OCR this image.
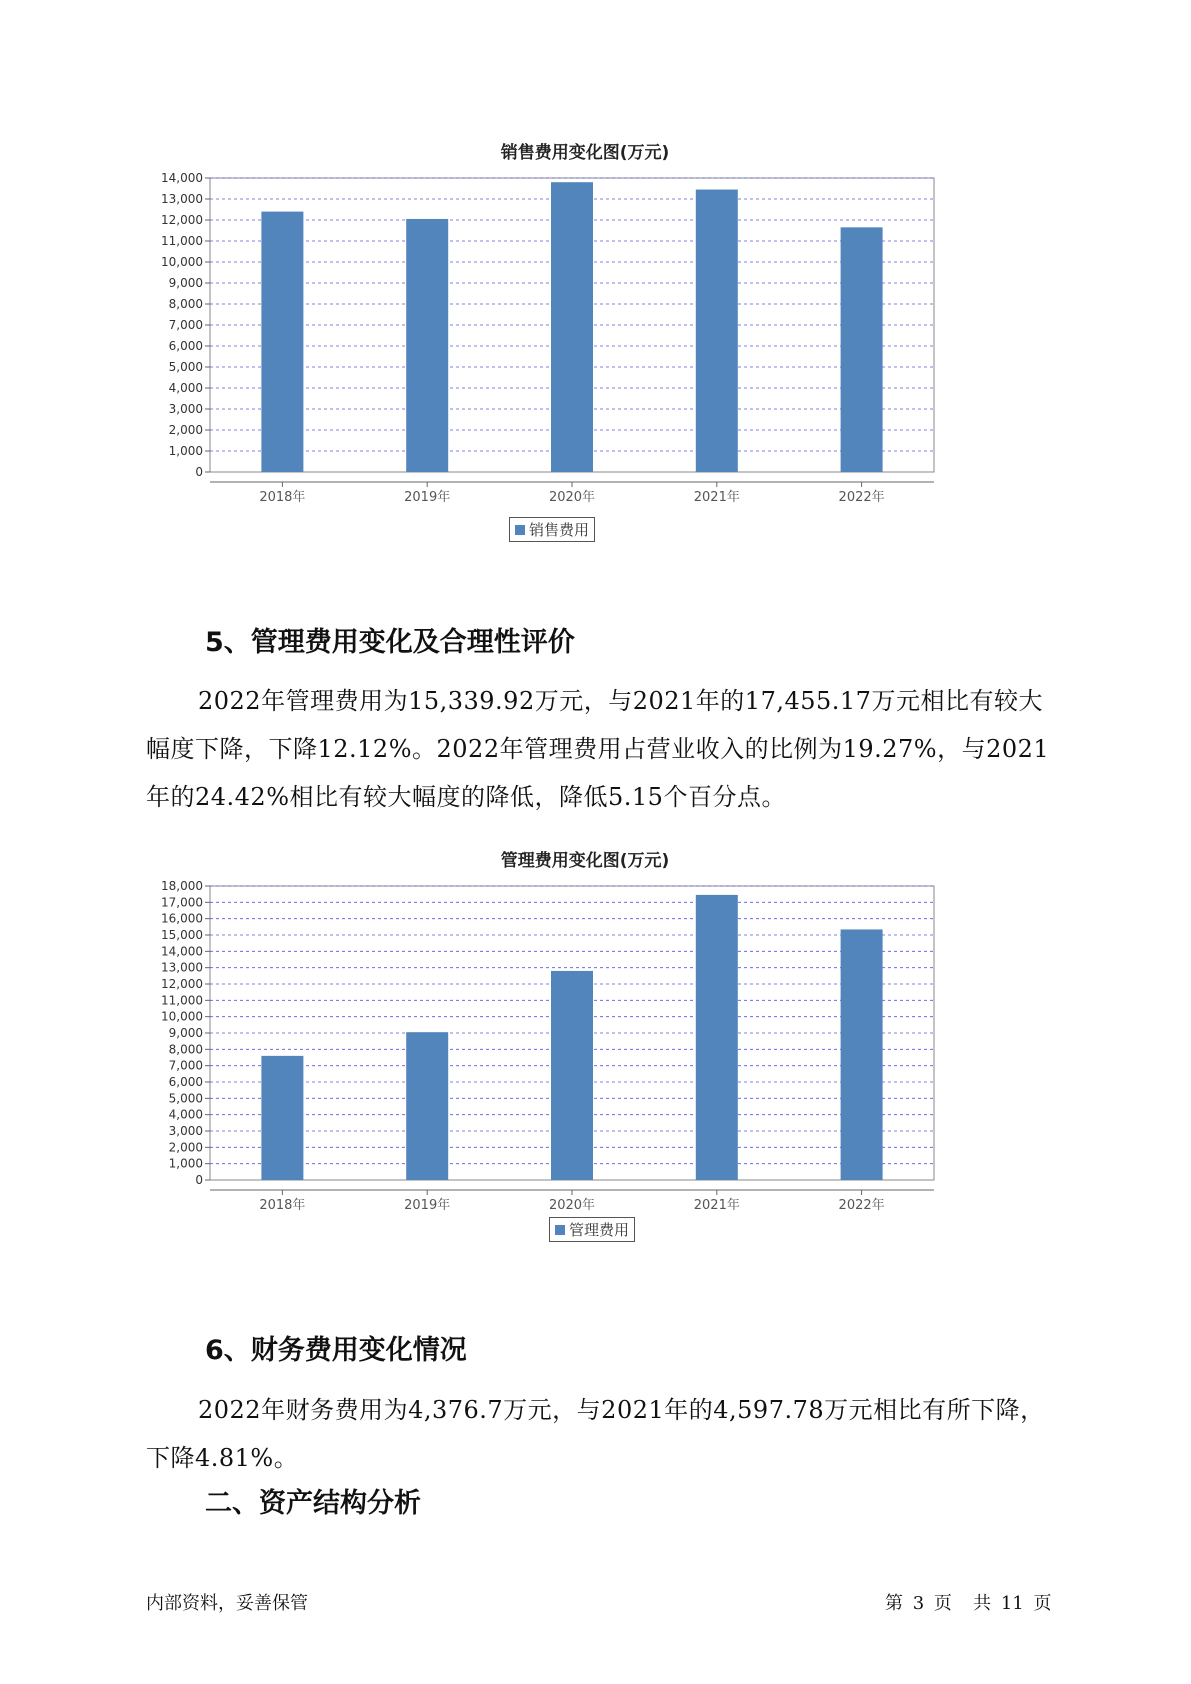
销售费用变化图(万元)
0
1,000
2,000
3,000
4,000
5,000
6,000
7,000
8,000
9,000
10,000
11,000
12,000
13,000
14,000
2018年	2019年	2020年	2021年	2022年
销售费用
5、管理费用变化及合理性评价

2022年管理费用为15,339.92万元，与2021年的17,455.17万元相比有较大幅度下降，下降12.12%。2022年管理费用占营业收入的比例为19.27%，与2021年的24.42%相比有较大幅度的降低，降低5.15个百分点。

管理费用变化图(万元)
0
1,000
2,000
3,000
4,000
5,000
6,000
7,000
8,000
9,000
10,000
11,000
12,000
13,000
14,000
15,000
16,000
17,000
18,000
2018年	2019年	2020年	2021年	2022年
管理费用
6、财务费用变化情况

2022年财务费用为4,376.7万元，与2021年的4,597.78万元相比有所下降，下降4.81%。

二、资产结构分析
内部资料，妥善保管	第 3 页 共 11 页
